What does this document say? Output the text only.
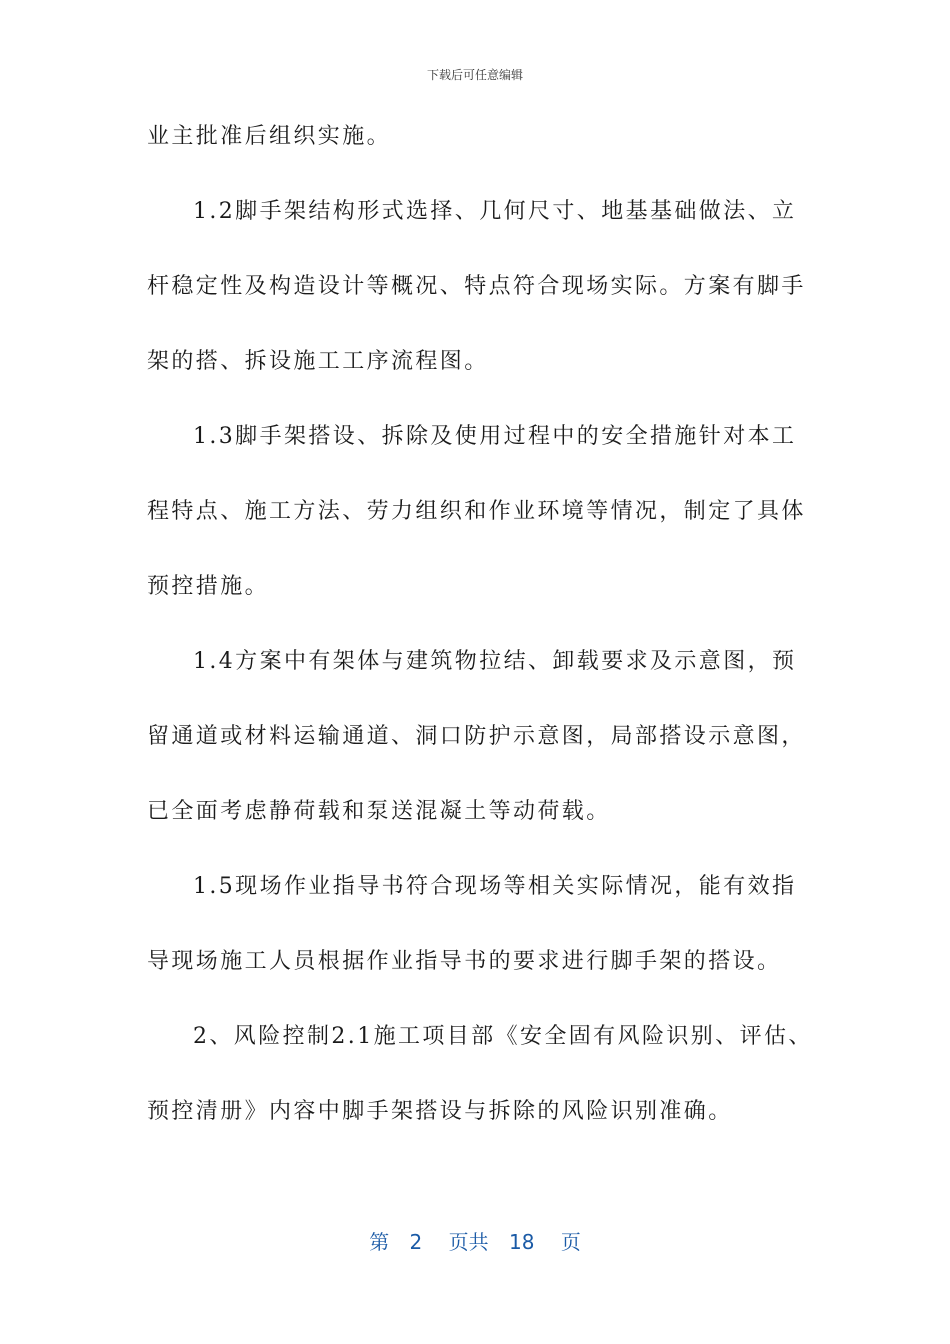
下载后可任意编辑
业主批准后组织实施。
1.2脚手架结构形式选择、几何尺寸、地基基础做法、立
杆稳定性及构造设计等概况、特点符合现场实际。方案有脚手
架的搭、拆设施工工序流程图。
1.3脚手架搭设、拆除及使用过程中的安全措施针对本工
程特点、施工方法、劳力组织和作业环境等情况，制定了具体
预控措施。
1.4方案中有架体与建筑物拉结、卸载要求及示意图，预
留通道或材料运输通道、洞口防护示意图，局部搭设示意图，
已全面考虑静荷载和泵送混凝土等动荷载。
1.5现场作业指导书符合现场等相关实际情况，能有效指
导现场施工人员根据作业指导书的要求进行脚手架的搭设。
2、风险控制2.1施工项目部《安全固有风险识别、评估、
预控清册》内容中脚手架搭设与拆除的风险识别准确。
第 2 页共 18 页
